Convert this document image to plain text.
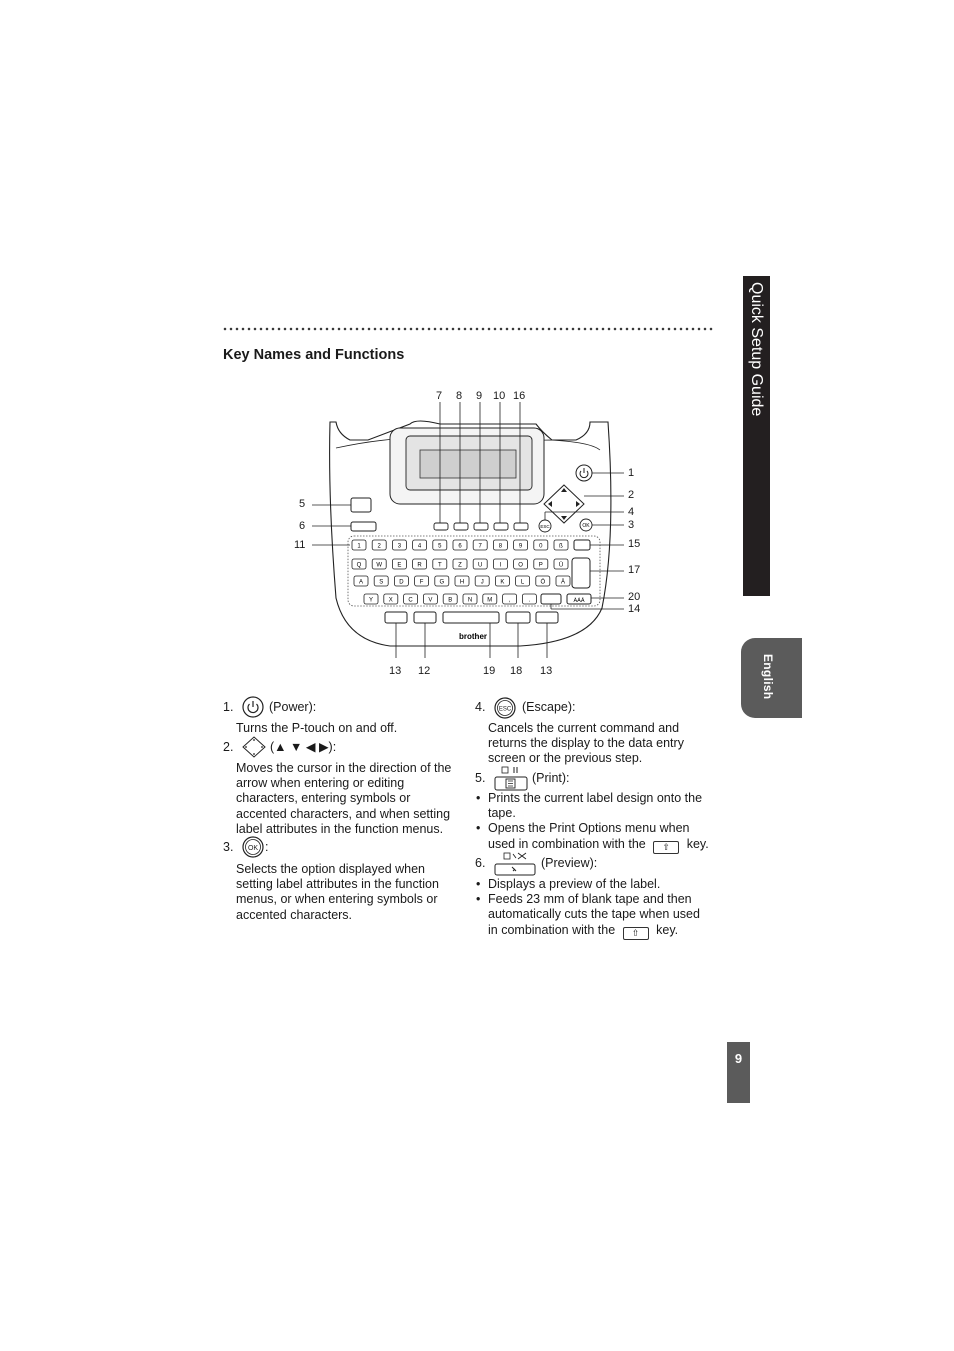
Quick Setup Guide
English
9
Key Names and Functions
ESC	OK
1	2	3	4	5	6	7	8	9	0	ß
Q	W	E	R	T	Z	U	I	O	P	Ü
A	S	D	F	G	H	J	K	L	Ö	Ä
Y	X	C	V	B	N	M	,	.	ÀÁÂ
brother
7 8 9 10 16
1
2
4
3
15
17
20
14
5
6
11
13 12	19 18 13
1.	(Power):
Turns the P-touch on and off.
2.	(▲ ▼ ◀ ▶):
Moves the cursor in the direction of the
arrow when entering or editing
characters, entering symbols or
accented characters, and when setting
label attributes in the function menus.
3. OK :
Selects the option displayed when
setting label attributes in the function
menus, or when entering symbols or
accented characters.
4. ESC (Escape):
Cancels the current command and
returns the display to the data entry
screen or the previous step.
5.	(Print):
• Prints the current label design onto the
tape.
• Opens the Print Options menu when
used in combination with the ⇧ key.
6.	(Preview):
• Displays a preview of the label.
• Feeds 23 mm of blank tape and then
automatically cuts the tape when used
in combination with the ⇧ key.
